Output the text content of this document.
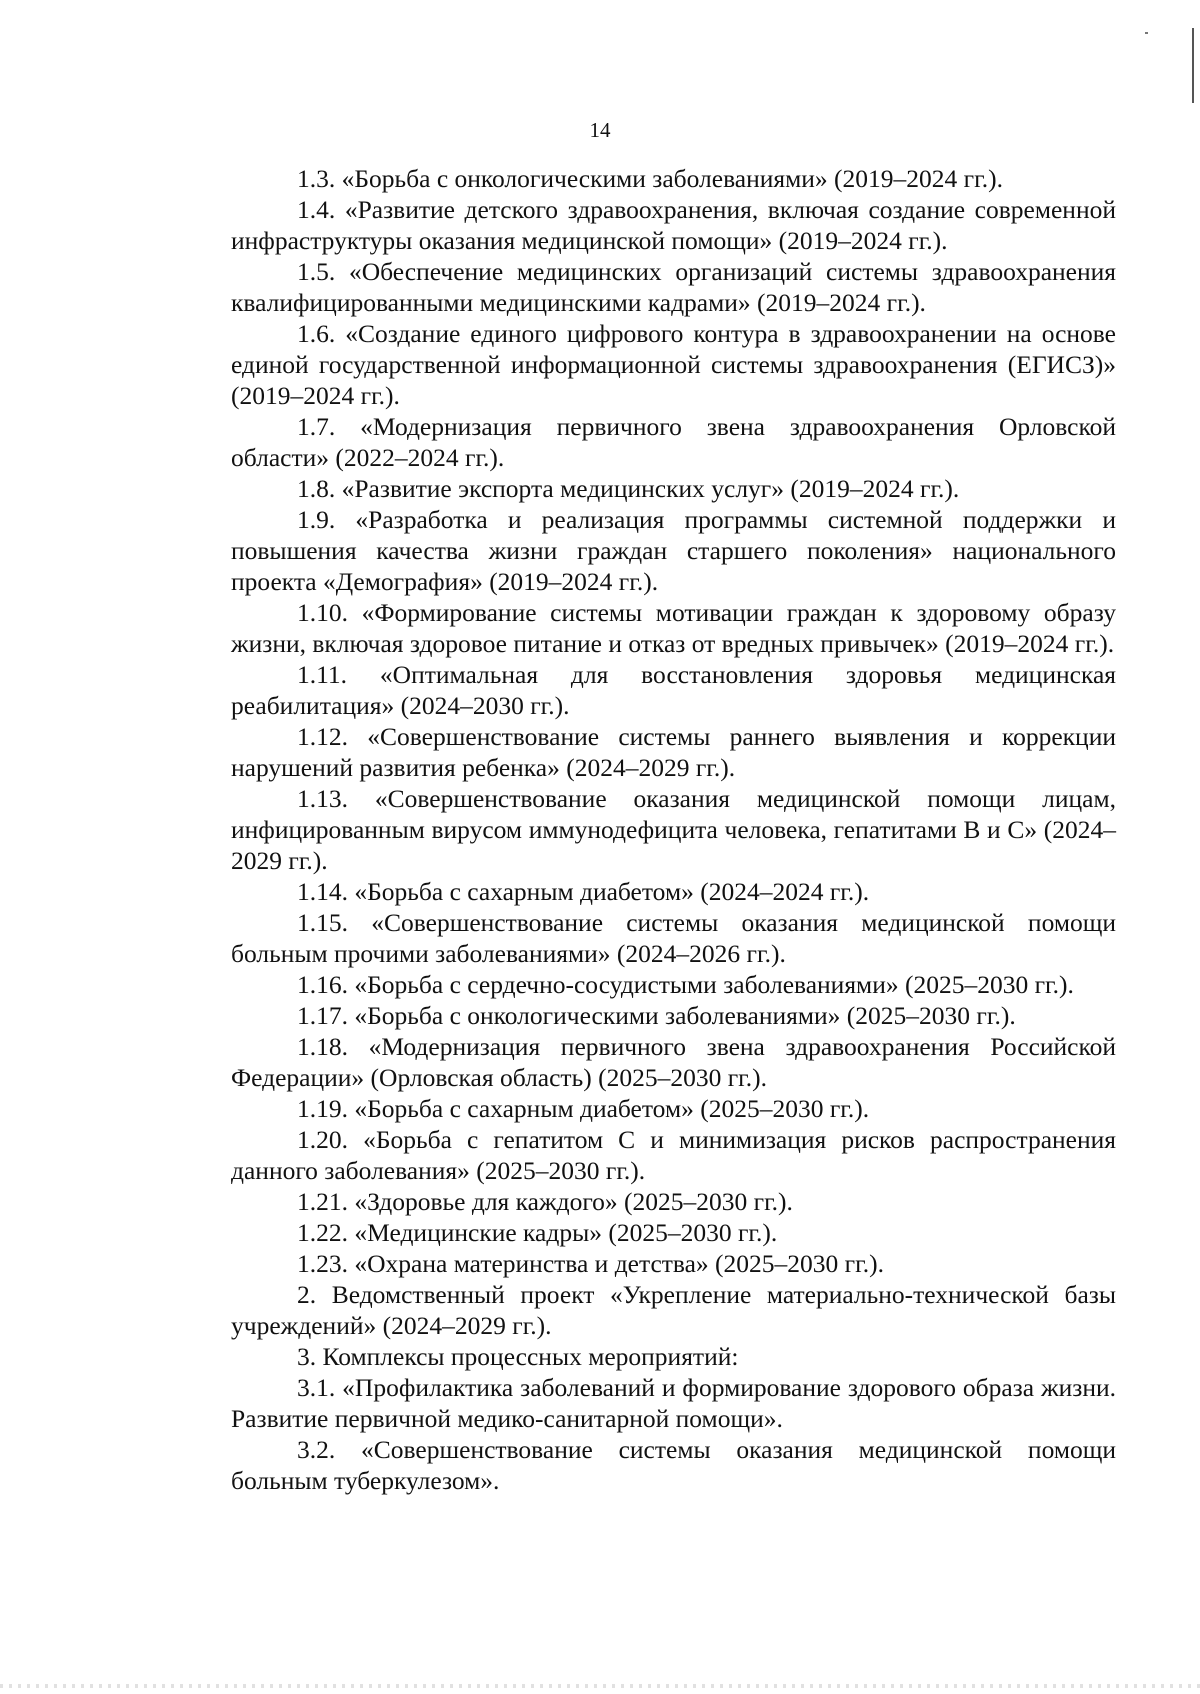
14

1.3. «Борьба с онкологическими заболеваниями» (2019–2024 гг.).

1.4. «Развитие детского здравоохранения, включая создание современной инфраструктуры оказания медицинской помощи» (2019–2024 гг.).

1.5. «Обеспечение медицинских организаций системы здравоохранения квалифицированными медицинскими кадрами» (2019–2024 гг.).

1.6. «Создание единого цифрового контура в здравоохранении на основе единой государственной информационной системы здравоохранения (ЕГИСЗ)» (2019–2024 гг.).

1.7. «Модернизация первичного звена здравоохранения Орловской области» (2022–2024 гг.).

1.8. «Развитие экспорта медицинских услуг» (2019–2024 гг.).

1.9. «Разработка и реализация программы системной поддержки и повышения качества жизни граждан старшего поколения» национального проекта «Демография» (2019–2024 гг.).

1.10. «Формирование системы мотивации граждан к здоровому образу жизни, включая здоровое питание и отказ от вредных привычек» (2019–2024 гг.).

1.11. «Оптимальная для восстановления здоровья медицинская реабилитация» (2024–2030 гг.).

1.12. «Совершенствование системы раннего выявления и коррекции нарушений развития ребенка» (2024–2029 гг.).

1.13. «Совершенствование оказания медицинской помощи лицам, инфицированным вирусом иммунодефицита человека, гепатитами В и С» (2024–2029 гг.).

1.14. «Борьба с сахарным диабетом» (2024–2024 гг.).

1.15. «Совершенствование системы оказания медицинской помощи больным прочими заболеваниями» (2024–2026 гг.).

1.16. «Борьба с сердечно-сосудистыми заболеваниями» (2025–2030 гг.).

1.17. «Борьба с онкологическими заболеваниями» (2025–2030 гг.).

1.18. «Модернизация первичного звена здравоохранения Российской Федерации» (Орловская область) (2025–2030 гг.).

1.19. «Борьба с сахарным диабетом» (2025–2030 гг.).

1.20. «Борьба с гепатитом С и минимизация рисков распространения данного заболевания» (2025–2030 гг.).

1.21. «Здоровье для каждого» (2025–2030 гг.).

1.22. «Медицинские кадры» (2025–2030 гг.).

1.23. «Охрана материнства и детства» (2025–2030 гг.).

2. Ведомственный проект «Укрепление материально-технической базы учреждений» (2024–2029 гг.).

3. Комплексы процессных мероприятий:

3.1. «Профилактика заболеваний и формирование здорового образа жизни. Развитие первичной медико-санитарной помощи».

3.2. «Совершенствование системы оказания медицинской помощи больным туберкулезом».
